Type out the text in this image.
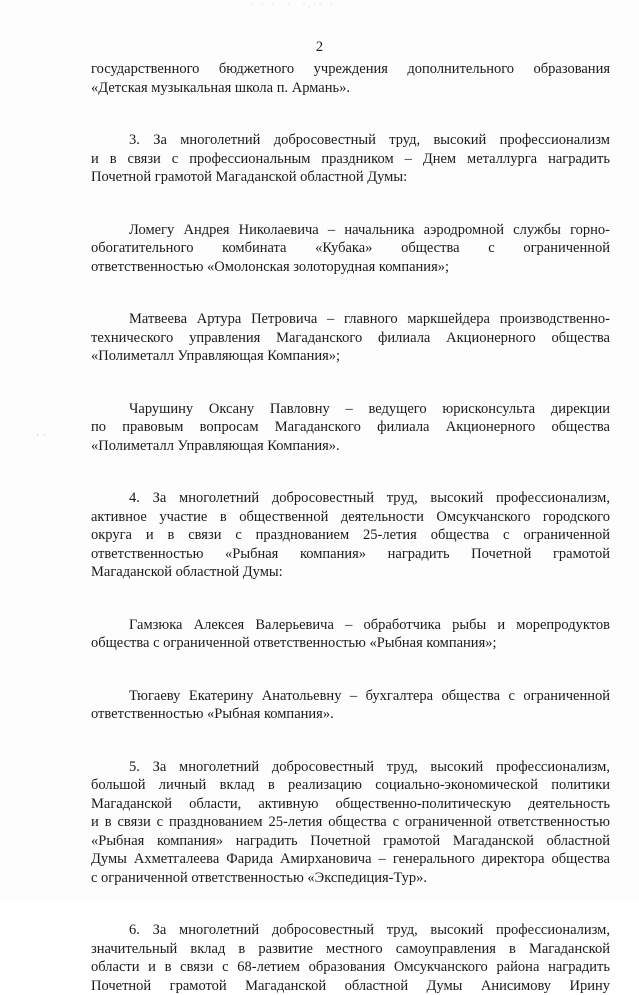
· · ·  ·  ·,·· ·
· ·
2

государственного бюджетного учреждения дополнительного образования
«Детская музыкальная школа п. Армань».

3. За многолетний добросовестный труд, высокий профессионализм
и в связи с профессиональным праздником – Днем металлурга наградить
Почетной грамотой Магаданской областной Думы:

Ломегу Андрея Николаевича – начальника аэродромной службы горно-
обогатительного комбината «Кубака» общества с ограниченной
ответственностью «Омолонская золоторудная компания»;

Матвеева Артура Петровича – главного маркшейдера производственно-
технического управления Магаданского филиала Акционерного общества
«Полиметалл Управляющая Компания»;

Чарушину Оксану Павловну – ведущего юрисконсульта дирекции
по правовым вопросам Магаданского филиала Акционерного общества
«Полиметалл Управляющая Компания».

4. За многолетний добросовестный труд, высокий профессионализм,
активное участие в общественной деятельности Омсукчанского городского
округа и в связи с празднованием 25-летия общества с ограниченной
ответственностью «Рыбная компания» наградить Почетной грамотой
Магаданской областной Думы:

Гамзюка Алексея Валерьевича – обработчика рыбы и морепродуктов
общества с ограниченной ответственностью «Рыбная компания»;

Тюгаеву Екатерину Анатольевну – бухгалтера общества с ограниченной
ответственностью «Рыбная компания».

5. За многолетний добросовестный труд, высокий профессионализм,
большой личный вклад в реализацию социально-экономической политики
Магаданской области, активную общественно-политическую деятельность
и в связи с празднованием 25-летия общества с ограниченной ответственностью
«Рыбная компания» наградить Почетной грамотой Магаданской областной
Думы Ахметгалеева Фарида Амирхановича – генерального директора общества
с ограниченной ответственностью «Экспедиция-Тур».

6. За многолетний добросовестный труд, высокий профессионализм,
значительный вклад в развитие местного самоуправления в Магаданской
области и в связи с 68-летием образования Омсукчанского района наградить
Почетной грамотой Магаданской областной Думы Анисимову Ирину
